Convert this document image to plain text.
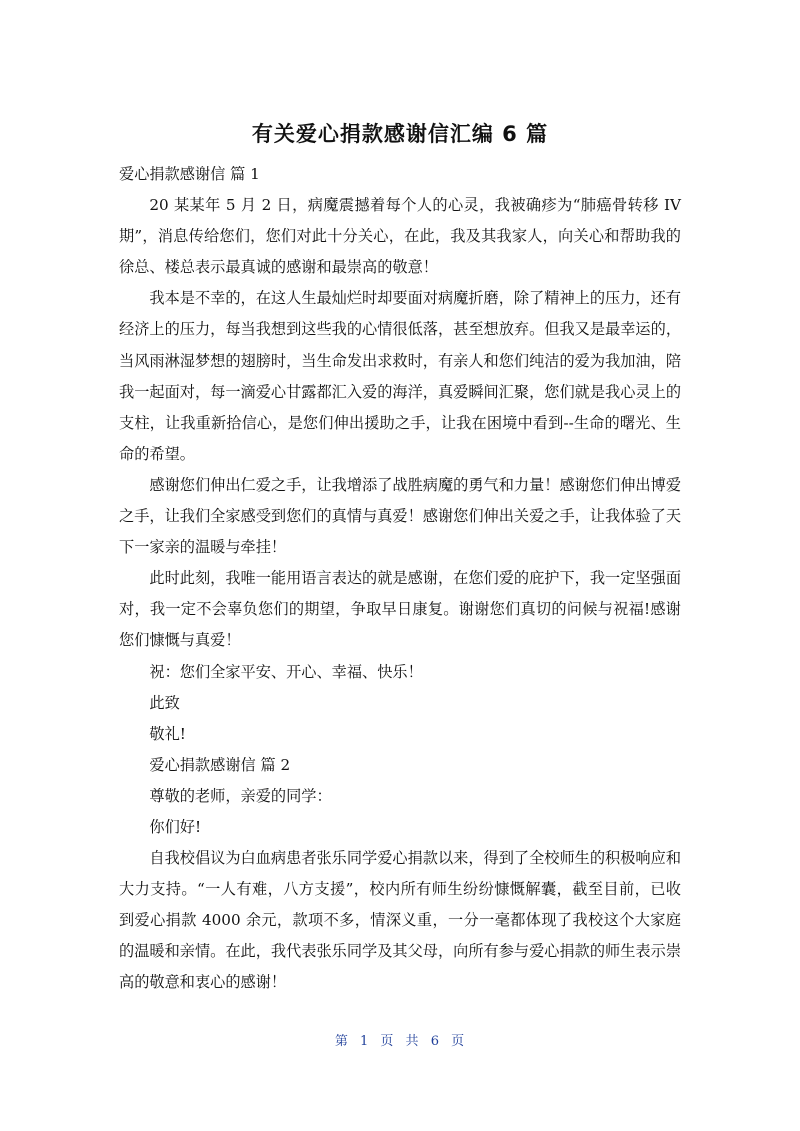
有关爱心捐款感谢信汇编 6 篇

爱心捐款感谢信 篇 1

20 某某年 5 月 2 日，病魔震撼着每个人的心灵，我被确疹为“肺癌骨转移 IV 期”，消息传给您们，您们对此十分关心，在此，我及其我家人，向关心和帮助我的徐总、楼总表示最真诚的感谢和最崇高的敬意！

我本是不幸的，在这人生最灿烂时却要面对病魔折磨，除了精神上的压力，还有经济上的压力，每当我想到这些我的心情很低落，甚至想放弃。但我又是最幸运的，当风雨淋湿梦想的翅膀时，当生命发出求救时，有亲人和您们纯洁的爱为我加油，陪我一起面对，每一滴爱心甘露都汇入爱的海洋，真爱瞬间汇聚，您们就是我心灵上的支柱，让我重新拾信心，是您们伸出援助之手，让我在困境中看到--生命的曙光、生命的希望。

感谢您们伸出仁爱之手，让我增添了战胜病魔的勇气和力量！感谢您们伸出博爱之手，让我们全家感受到您们的真情与真爱！感谢您们伸出关爱之手，让我体验了天下一家亲的温暖与牵挂！

此时此刻，我唯一能用语言表达的就是感谢，在您们爱的庇护下，我一定坚强面对，我一定不会辜负您们的期望，争取早日康复。谢谢您们真切的问候与祝福!感谢您们慷慨与真爱！

祝：您们全家平安、开心、幸福、快乐！

此致

敬礼!

爱心捐款感谢信 篇 2

尊敬的老师，亲爱的同学：

你们好!

自我校倡议为白血病患者张乐同学爱心捐款以来，得到了全校师生的积极响应和大力支持。“一人有难，八方支援”，校内所有师生纷纷慷慨解囊，截至目前，已收到爱心捐款 4000 余元，款项不多，情深义重，一分一毫都体现了我校这个大家庭的温暖和亲情。在此，我代表张乐同学及其父母，向所有参与爱心捐款的师生表示崇高的敬意和衷心的感谢！

第 1 页 共 6 页
